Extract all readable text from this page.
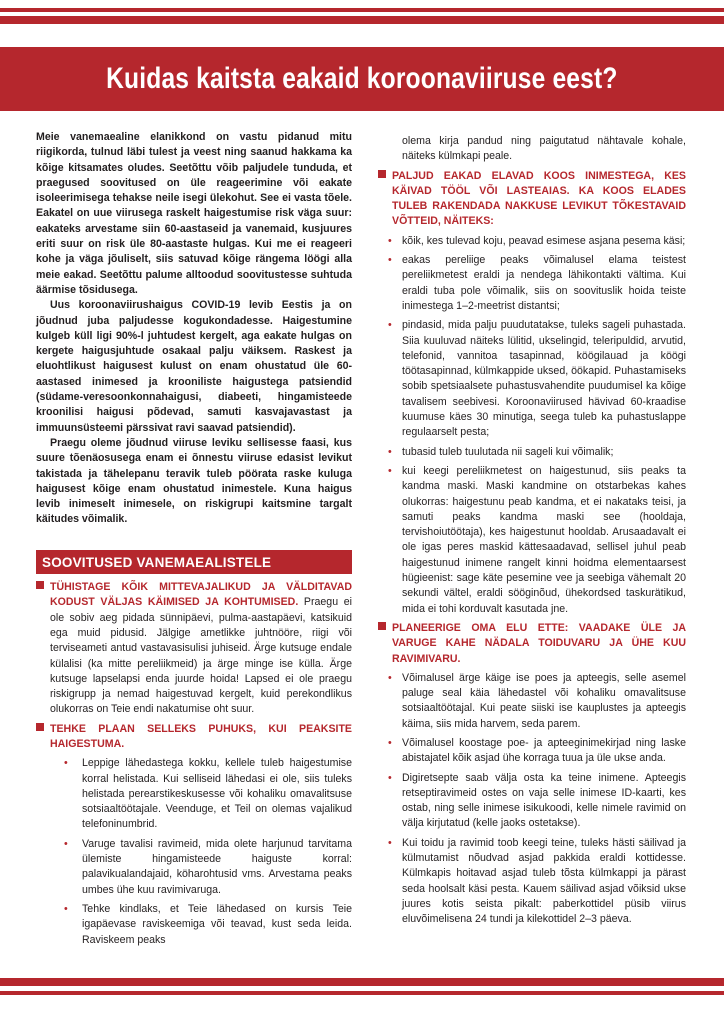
Kuidas kaitsta eakaid koroonaviiruse eest?

Meie vanemaealine elanikkond on vastu pidanud mitu riigikorda, tulnud läbi tulest ja veest ning saanud hakkama ka kõige kitsamates oludes. Seetõttu võib paljudele tunduda, et praegused soovitused on üle reageerimine või eakate isoleerimisega tehakse neile isegi ülekohut. See ei vasta tõele. Eakatel on uue viirusega raskelt haigestumise risk väga suur: eakateks arvestame siin 60-aastaseid ja vanemaid, kusjuures eriti suur on risk üle 80-aastaste hulgas. Kui me ei reageeri kohe ja väga jõuliselt, siis satuvad kõige rängema löögi alla meie eakad. Seetõttu palume alltoodud soovitustesse suhtuda äärmise tõsidusega.

Uus koroonaviirushaigus COVID-19 levib Eestis ja on jõudnud juba paljudesse kogukondadesse. Haigestumine kulgeb küll ligi 90%-l juhtudest kergelt, aga eakate hulgas on kergete haigusjuhtude osakaal palju väiksem. Raskest ja eluohtlikust haigusest kulust on enam ohustatud üle 60-aastased inimesed ja krooniliste haigustega patsiendid (südame-veresoonkonnahaigusi, diabeeti, hingamisteede kroonilisi haigusi põdevad, samuti kasvajavastast ja immuunsüsteemi pärssivat ravi saavad patsiendid).

Praegu oleme jõudnud viiruse leviku sellisesse faasi, kus suure tõenäosusega enam ei õnnestu viiruse edasist levikut takistada ja tähelepanu teravik tuleb pöörata raske kuluga haigusest kõige enam ohustatud inimestele. Kuna haigus levib inimeselt inimesele, on riskigrupi kaitsmine targalt käitudes võimalik.

SOOVITUSED VANEMAEALISTELE
TÜHISTAGE KÕIK MITTEVAJALIKUD JA VÄLDITAVAD KODUST VÄLJAS KÄIMISED JA KOHTUMISED. Praegu ei ole sobiv aeg pidada sünnipäevi, pulma-aastapäevi, katsikuid ega muid pidusid. Jälgige ametlikke juhtnööre, riigi või terviseameti antud vastavasisulisi juhiseid. Ärge kutsuge endale külalisi (ka mitte pereliikmeid) ja ärge minge ise külla. Ärge kutsuge lapselapsi enda juurde hoida! Lapsed ei ole praegu riskigrupp ja nemad haigestuvad kergelt, kuid perekondlikus olukorras on Teie endi nakatumise oht suur.
TEHKE PLAAN SELLEKS PUHUKS, KUI PEAKSITE HAIGESTUMA.
• Leppige lähedastega kokku, kellele tuleb haigestumise korral helistada. Kui selliseid lähedasi ei ole, siis tuleks helistada perearstikeskusesse või kohaliku omavalitsuse sotsiaaltöötajale. Veenduge, et Teil on olemas vajalikud telefoninumbrid.
• Varuge tavalisi ravimeid, mida olete harjunud tarvitama ülemiste hingamisteede haiguste korral: palavikualandajaid, köharohtusid vms. Arvestama peaks umbes ühe kuu ravimivaruga.
• Tehke kindlaks, et Teie lähedased on kursis Teie igapäevase raviskeemiga või teavad, kust seda leida. Raviskeem peaks

olema kirja pandud ning paigutatud nähtavale kohale, näiteks külmkapi peale.

PALJUD EAKAD ELAVAD KOOS INIMESTEGA, KES KÄIVAD TÖÖL VÕI LASTEAIAS. KA KOOS ELADES TULEB RAKENDADA NAKKUSE LEVIKUT TÕKESTAVAID VÕTTEID, NÄITEKS:
• kõik, kes tulevad koju, peavad esimese asjana pesema käsi;
• eakas pereliige peaks võimalusel elama teistest pereliikmetest eraldi ja nendega lähikontakti vältima. Kui eraldi tuba pole võimalik, siis on soovituslik hoida teiste inimestega 1–2-meetrist distantsi;
• pindasid, mida palju puudutatakse, tuleks sageli puhastada. Siia kuuluvad näiteks lülitid, ukselingid, teleripuldid, arvutid, telefonid, vannitoa tasapinnad, köögilauad ja köögi töötasapinnad, külmkappide uksed, öökapid. Puhastamiseks sobib spetsiaalsete puhastusvahendite puudumisel ka kõige tavalisem seebivesi. Koroonaviirused hävivad 60-kraadise kuumuse käes 30 minutiga, seega tuleb ka puhastuslappe regulaarselt pesta;
• tubasid tuleb tuulutada nii sageli kui võimalik;
• kui keegi pereliikmetest on haigestunud, siis peaks ta kandma maski. Maski kandmine on otstarbekas kahes olukorras: haigestunu peab kandma, et ei nakataks teisi, ja samuti peaks kandma maski see (hooldaja, tervishoiutöötaja), kes haigestunut hooldab. Arusaadavalt ei ole igas peres maskid kättesaadavad, sellisel juhul peab haigestunud inimene rangelt kinni hoidma elementaarsest hügieenist: sage käte pesemine vee ja seebiga vähemalt 20 sekundi vältel, eraldi sööginõud, ühekordsed taskurätikud, mida ei tohi korduvalt kasutada jne.
PLANEERIGE OMA ELU ETTE: VAADAKE ÜLE JA VARUGE KAHE NÄDALA TOIDUVARU JA ÜHE KUU RAVIMIVARU.
• Võimalusel ärge käige ise poes ja apteegis, selle asemel paluge seal käia lähedastel või kohaliku omavalitsuse sotsiaaltöötajal. Kui peate siiski ise kauplustes ja apteegis käima, siis mida harvem, seda parem.
• Võimalusel koostage poe- ja apteeginimekirjad ning laske abistajatel kõik asjad ühe korraga tuua ja üle ukse anda.
• Digiretsepte saab välja osta ka teine inimene. Apteegis retseptiravimeid ostes on vaja selle inimese ID-kaarti, kes ostab, ning selle inimese isikukoodi, kelle nimele ravimid on välja kirjutatud (kelle jaoks ostetakse).
• Kui toidu ja ravimid toob keegi teine, tuleks hästi säilivad ja külmutamist nõudvad asjad pakkida eraldi kottidesse. Külmkapis hoitavad asjad tuleb tõsta külmkappi ja pärast seda hoolsalt käsi pesta. Kauem säilivad asjad võiksid ukse juures kotis seista pikalt: paberkottidel püsib viirus eluvõimelisena 24 tundi ja kilekottidel 2–3 päeva.
